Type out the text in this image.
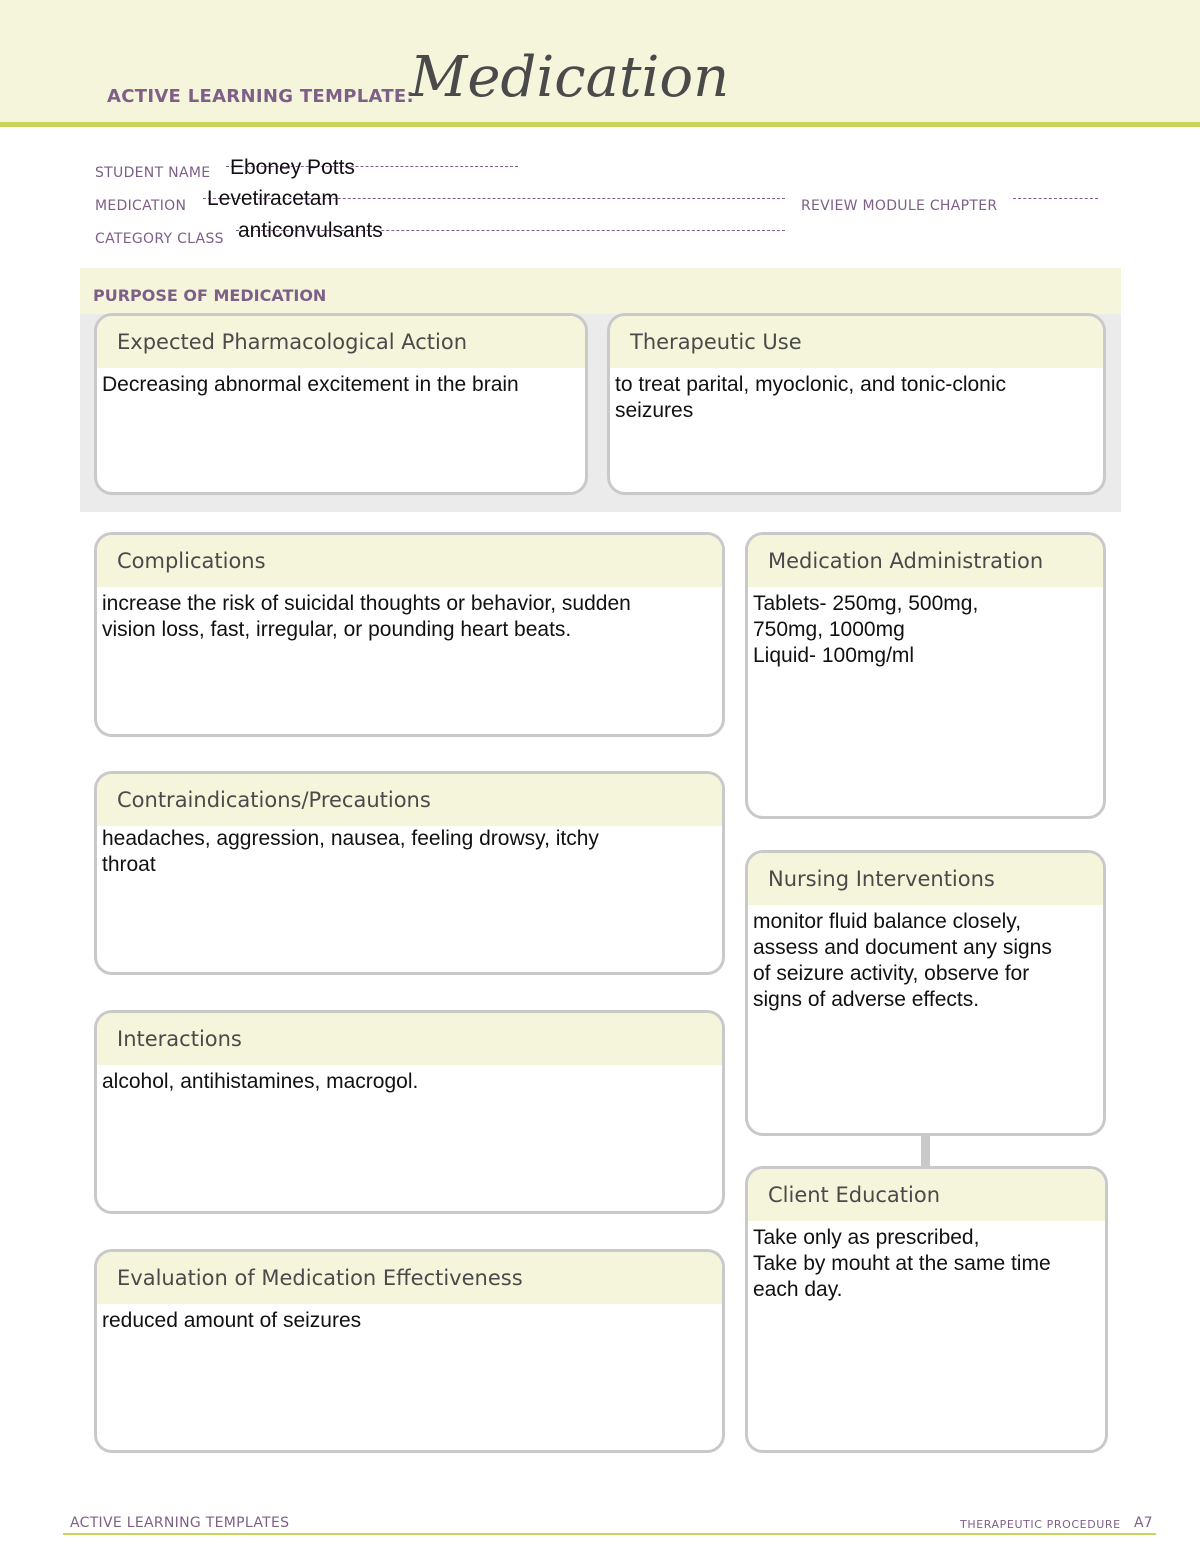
ACTIVE LEARNING TEMPLATE:
Medication
STUDENT NAME Eboney Potts
MEDICATION Levetiracetam	REVIEW MODULE CHAPTER
CATEGORY CLASS anticonvulsants
PURPOSE OF MEDICATION
Expected Pharmacological Action
Decreasing abnormal excitement in the brain
Therapeutic Use
to treat parital, myoclonic, and tonic-clonic
seizures
Complications
increase the risk of suicidal thoughts or behavior, sudden
vision loss, fast, irregular, or pounding heart beats.
Contraindications/Precautions
headaches, aggression, nausea, feeling drowsy, itchy
throat
Interactions
alcohol, antihistamines, macrogol.
Evaluation of Medication Effectiveness
reduced amount of seizures
Medication Administration
Tablets- 250mg, 500mg,
750mg, 1000mg
Liquid- 100mg/ml
Nursing Interventions
monitor fluid balance closely,
assess and document any signs
of seizure activity, observe for
signs of adverse effects.
Client Education
Take only as prescribed,
Take by mouht at the same time
each day.
ACTIVE LEARNING TEMPLATES	THERAPEUTIC PROCEDURE A7
